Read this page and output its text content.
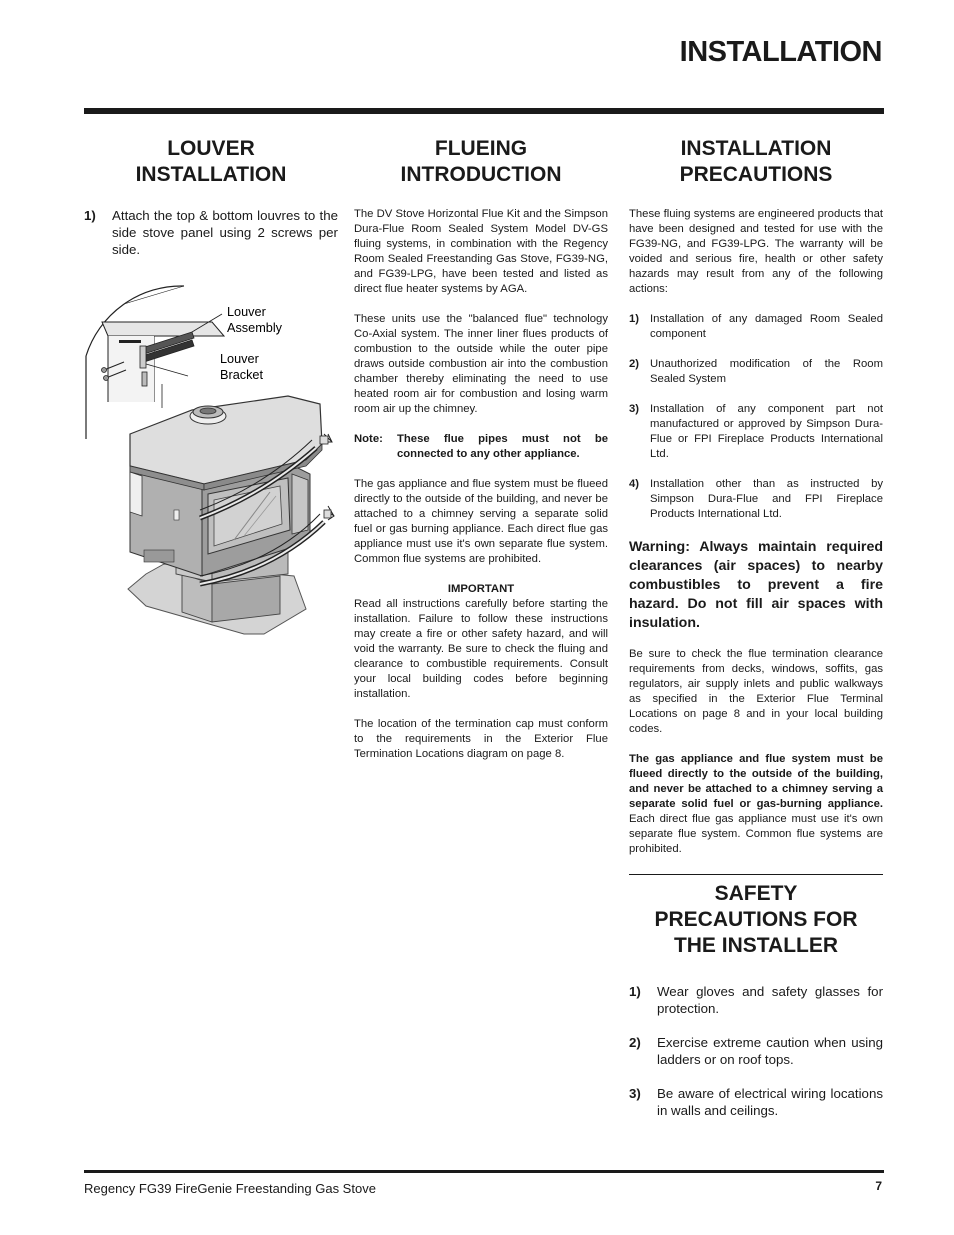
INSTALLATION
LOUVER
INSTALLATION
1)	Attach the top & bottom louvres to the side stove panel using 2 screws per side.
Louver
Assembly
Louver
Bracket
FLUEING
INTRODUCTION

The DV Stove Horizontal Flue Kit and the Simpson Dura-Flue Room Sealed System Model DV-GS fluing systems, in combination with the Regency Room Sealed Freestanding Gas Stove, FG39-NG, and FG39-LPG, have been tested and listed as direct flue heater systems by AGA.

These units use the "balanced flue" technology Co-Axial system. The inner liner flues products of combustion to the outside while the outer pipe draws outside combustion air into the combustion chamber thereby eliminating the need to use heated room air for combustion and losing warm room air up the chimney.

Note:	These flue pipes must not be connected to any other appliance.

The gas appliance and flue system must be flueed directly to the outside of the building, and never be attached to a chimney serving a separate solid fuel or gas burning appliance. Each direct flue gas appliance must use it's own separate flue system. Common flue systems are prohibited.

IMPORTANT

Read all instructions carefully before starting the installation. Failure to follow these instructions may create a fire or other safety hazard, and will void the warranty. Be sure to check the fluing and clearance to combustible requirements. Consult your local building codes before beginning installation.

The location of the termination cap must conform to the requirements in the Exterior Flue Termination Locations diagram on page 8.

INSTALLATION
PRECAUTIONS

These fluing systems are engineered products that have been designed and tested for use with the FG39-NG, and FG39-LPG. The warranty will be voided and serious fire, health or other safety hazards may result from any of the following actions:

1) Installation of any damaged Room Sealed component
2) Unauthorized modification of the Room Sealed System
3) Installation of any component part not manufactured or approved by Simpson Dura-Flue or FPI Fireplace Products International Ltd.
4) Installation other than as instructed by Simpson Dura-Flue and FPI Fireplace Products International Ltd.

Warning: Always maintain required clearances (air spaces) to nearby combustibles to prevent a fire hazard. Do not fill air spaces with insulation.

Be sure to check the flue termination clearance requirements from decks, windows, soffits, gas regulators, air supply inlets and public walkways as specified in the Exterior Flue Terminal Locations on page 8 and in your local building codes.

The gas appliance and flue system must be flueed directly to the outside of the building, and never be attached to a chimney serving a separate solid fuel or gas-burning appliance. Each direct flue gas appliance must use it's own separate flue system. Common flue systems are prohibited.

SAFETY
PRECAUTIONS FOR
THE INSTALLER
1)	Wear gloves and safety glasses for protection.
2)	Exercise extreme caution when using ladders or on roof tops.
3)	Be aware of electrical wiring locations in walls and ceilings.
Regency FG39 FireGenie Freestanding Gas Stove	7
